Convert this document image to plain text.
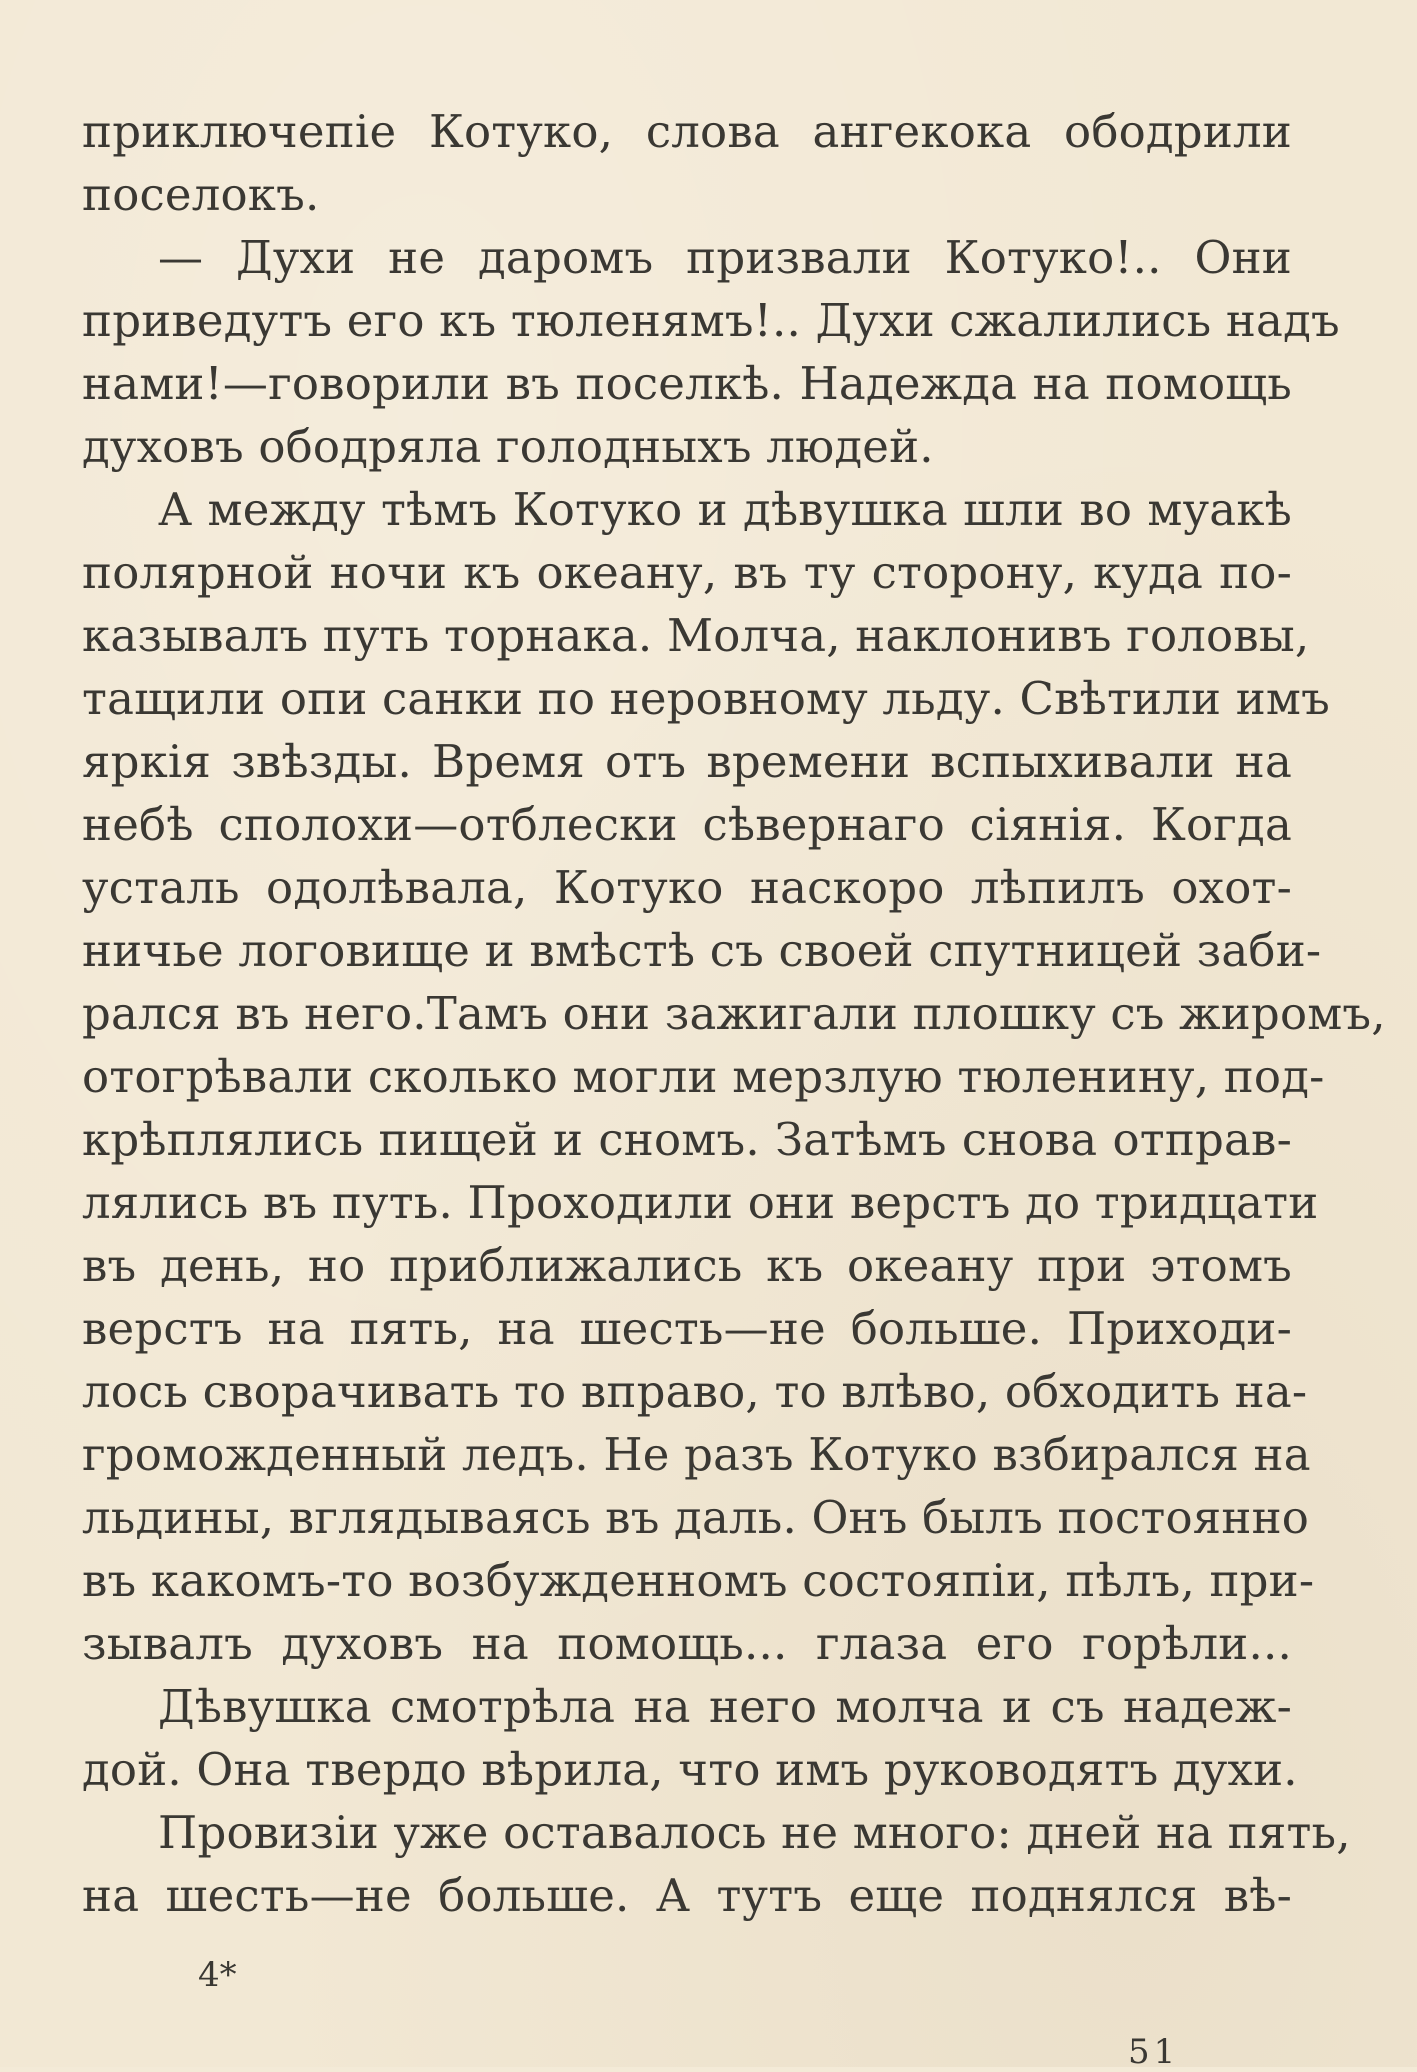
приключепіе Котуко, слова ангекока ободрили
поселокъ.
— Духи не даромъ призвали Котуко!.. Они
приведутъ его къ тюленямъ!.. Духи сжалились надъ
нами!—говорили въ поселкѣ. Надежда на помощь
духовъ ободряла голодныхъ людей.
А между тѣмъ Котуко и дѣвушка шли во муакѣ
полярной ночи къ океану, въ ту сторону, куда по-
казывалъ путь торнака. Молча, наклонивъ головы,
тащили опи санки по неровному льду. Свѣтили имъ
яркія звѣзды. Время отъ времени вспыхивали на
небѣ сполохи—отблески сѣвернаго сіянія. Когда
усталь одолѣвала, Котуко наскоро лѣпилъ охот-
ничье логовище и вмѣстѣ съ своей спутницей заби-
рался въ него.Тамъ они зажигали плошку съ жиромъ,
отогрѣвали сколько могли мерзлую тюленину, под-
крѣплялись пищей и сномъ. Затѣмъ снова отправ-
лялись въ путь. Проходили они верстъ до тридцати
въ день, но приближались къ океану при этомъ
верстъ на пять, на шесть—не больше. Приходи-
лось сворачивать то вправо, то влѣво, обходить на-
громожденный ледъ. Не разъ Котуко взбирался на
льдины, вглядываясь въ даль. Онъ былъ постоянно
въ какомъ-то возбужденномъ состояпіи, пѣлъ, при-
зывалъ духовъ на помощь... глаза его горѣли...
Дѣвушка смотрѣла на него молча и съ надеж-
дой. Она твердо вѣрила, что имъ руководятъ духи.
Провизіи уже оставалось не много: дней на пять,
на шесть—не больше. А тутъ еще поднялся вѣ-
4*
51
